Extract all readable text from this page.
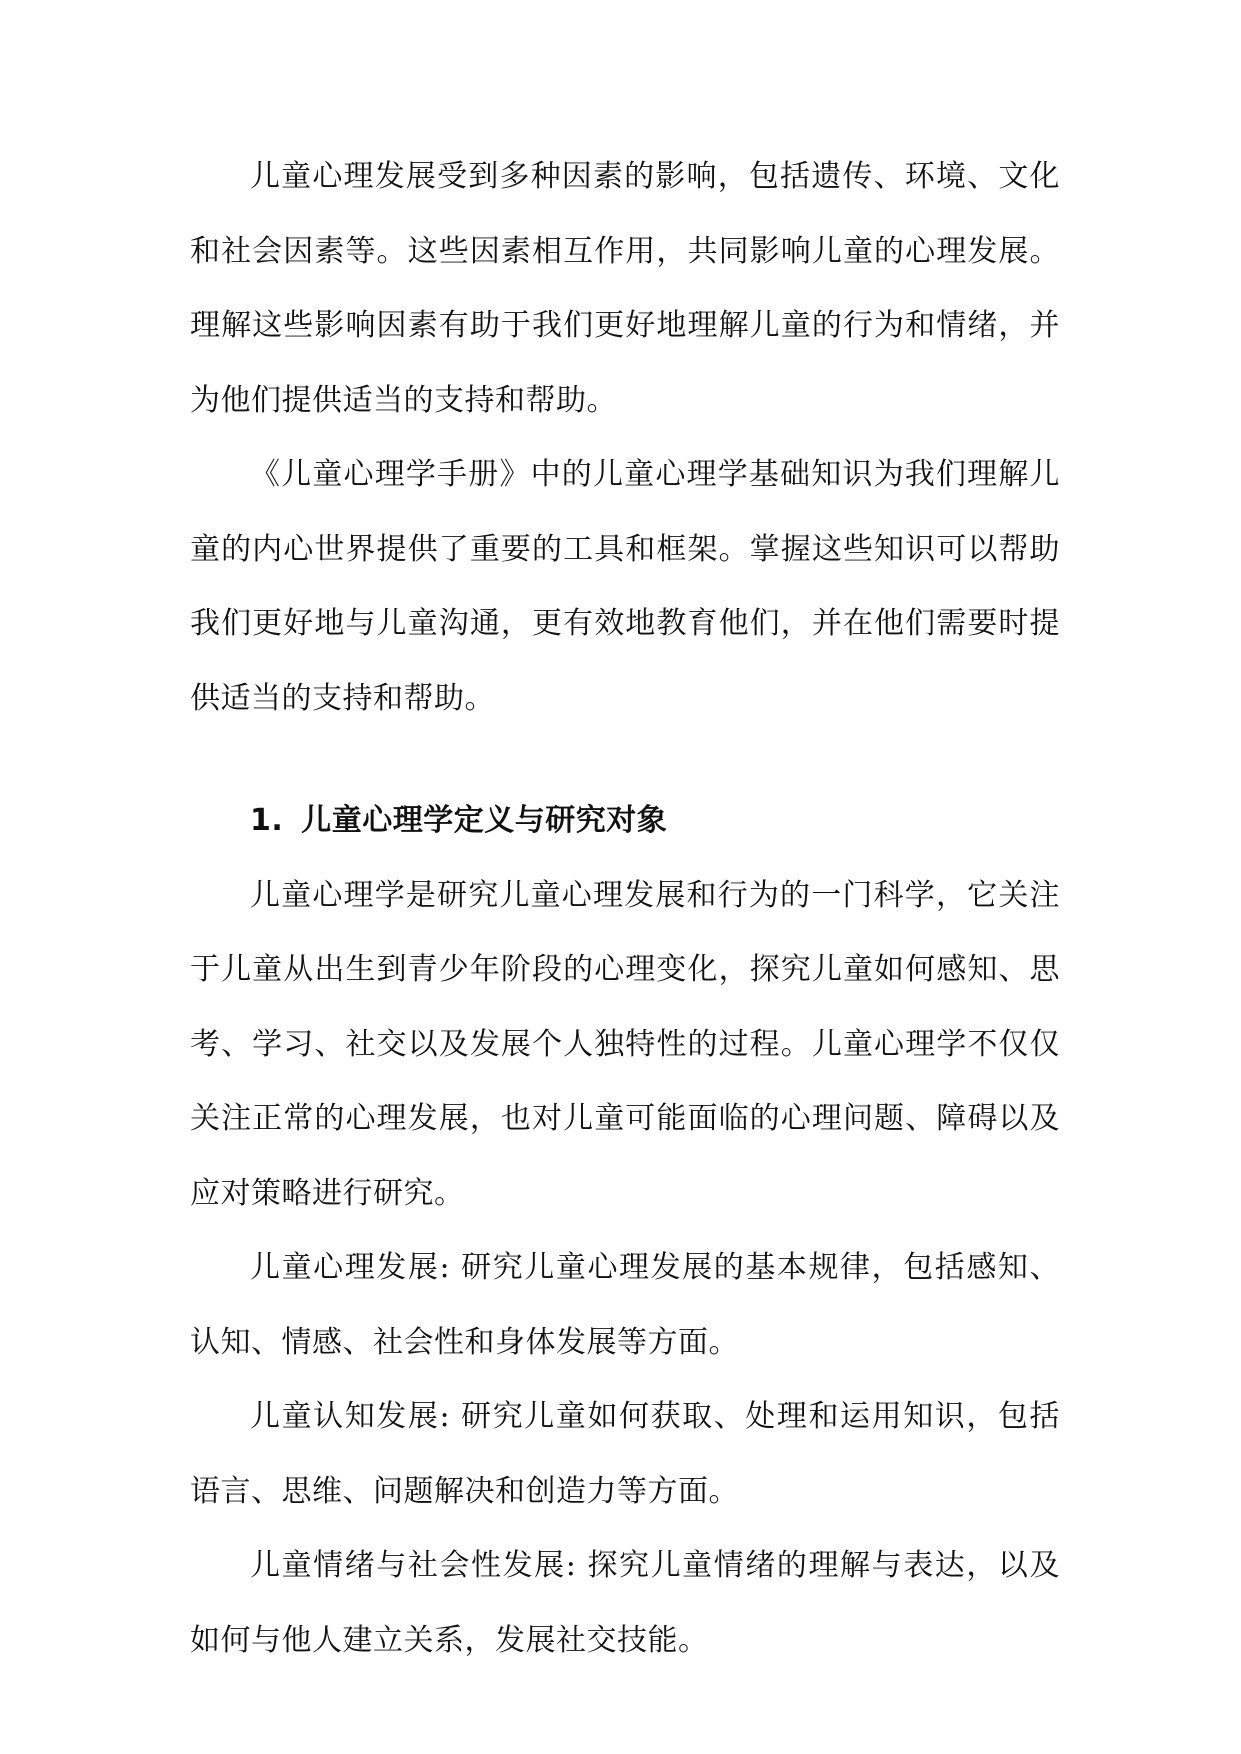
儿童心理发展受到多种因素的影响，包括遗传、环境、文化和社会因素等。这些因素相互作用，共同影响儿童的心理发展。理解这些影响因素有助于我们更好地理解儿童的行为和情绪，并为他们提供适当的支持和帮助。

《儿童心理学手册》中的儿童心理学基础知识为我们理解儿童的内心世界提供了重要的工具和框架。掌握这些知识可以帮助我们更好地与儿童沟通，更有效地教育他们，并在他们需要时提供适当的支持和帮助。

1. 儿童心理学定义与研究对象

儿童心理学是研究儿童心理发展和行为的一门科学，它关注于儿童从出生到青少年阶段的心理变化，探究儿童如何感知、思考、学习、社交以及发展个人独特性的过程。儿童心理学不仅仅关注正常的心理发展，也对儿童可能面临的心理问题、障碍以及应对策略进行研究。

儿童心理发展: 研究儿童心理发展的基本规律，包括感知、认知、情感、社会性和身体发展等方面。

儿童认知发展: 研究儿童如何获取、处理和运用知识，包括语言、思维、问题解决和创造力等方面。

儿童情绪与社会性发展: 探究儿童情绪的理解与表达，以及如何与他人建立关系，发展社交技能。
